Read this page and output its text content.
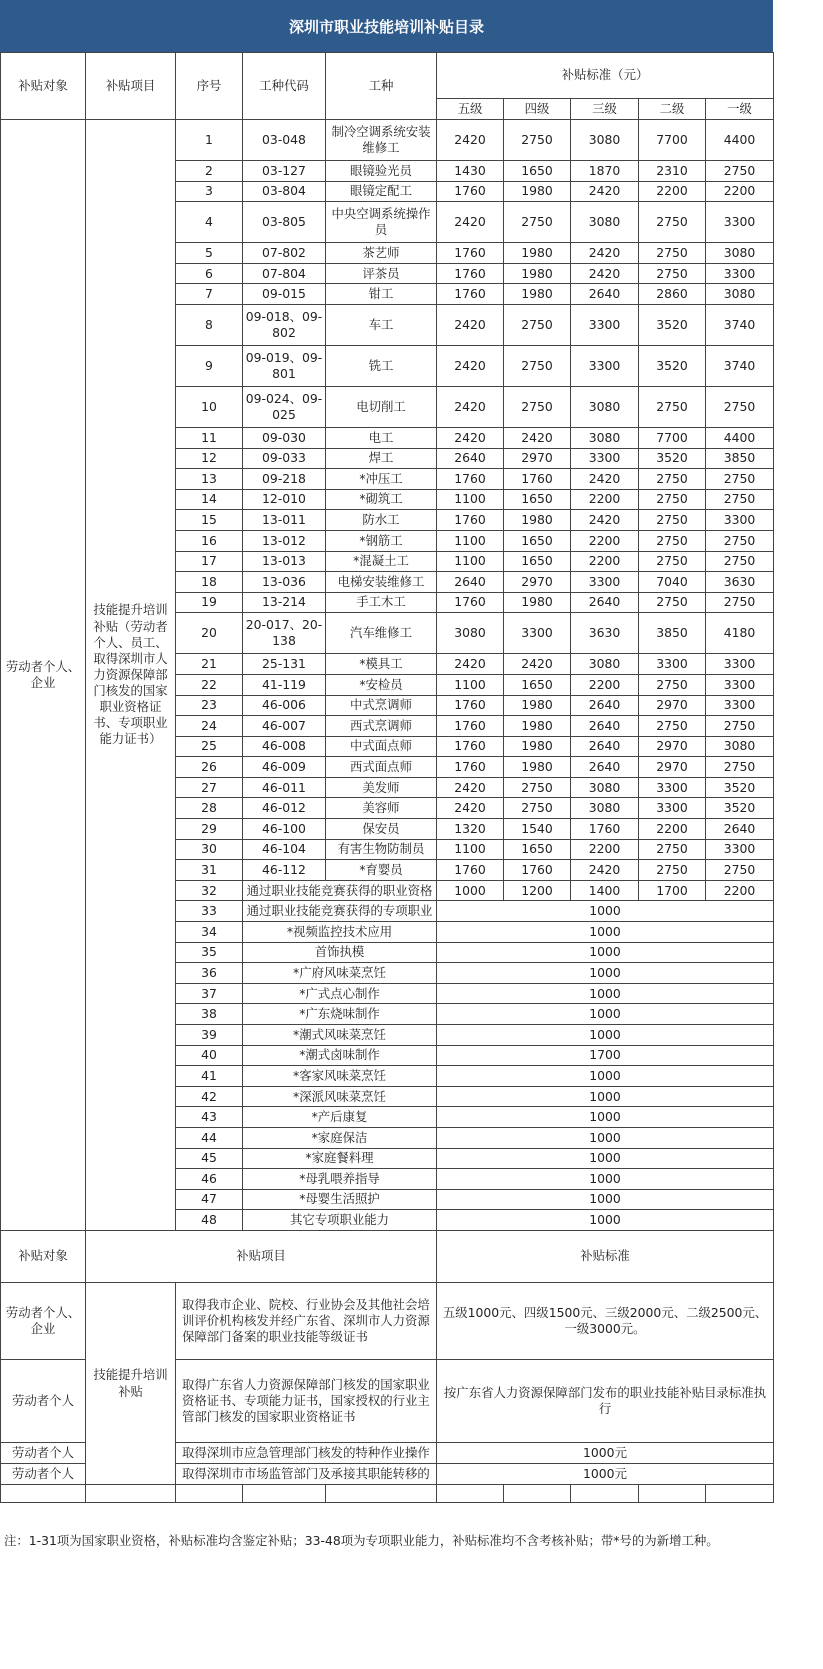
深圳市职业技能培训补贴目录
补贴对象	补贴项目	序号	工种代码	工种	补贴标准（元）				
					五级	四级	三级	二级	一级
劳动者个人、企业	技能提升培训补贴（劳动者个人、员工、取得深圳市人力资源保障部门核发的国家职业资格证书、专项职业能力证书）	1	03-048	制冷空调系统安装维修工	2420	2750	3080	7700	4400
		2	03-127	眼镜验光员	1430	1650	1870	2310	2750
		3	03-804	眼镜定配工	1760	1980	2420	2200	2200
		4	03-805	中央空调系统操作员	2420	2750	3080	2750	3300
		5	07-802	茶艺师	1760	1980	2420	2750	3080
		6	07-804	评茶员	1760	1980	2420	2750	3300
		7	09-015	钳工	1760	1980	2640	2860	3080
		8	09-018、09-802	车工	2420	2750	3300	3520	3740
		9	09-019、09-801	铣工	2420	2750	3300	3520	3740
		10	09-024、09-025	电切削工	2420	2750	3080	2750	2750
		11	09-030	电工	2420	2420	3080	7700	4400
		12	09-033	焊工	2640	2970	3300	3520	3850
		13	09-218	*冲压工	1760	1760	2420	2750	2750
		14	12-010	*砌筑工	1100	1650	2200	2750	2750
		15	13-011	防水工	1760	1980	2420	2750	3300
		16	13-012	*钢筋工	1100	1650	2200	2750	2750
		17	13-013	*混凝土工	1100	1650	2200	2750	2750
		18	13-036	电梯安装维修工	2640	2970	3300	7040	3630
		19	13-214	手工木工	1760	1980	2640	2750	2750
		20	20-017、20-138	汽车维修工	3080	3300	3630	3850	4180
		21	25-131	*模具工	2420	2420	3080	3300	3300
		22	41-119	*安检员	1100	1650	2200	2750	3300
		23	46-006	中式烹调师	1760	1980	2640	2970	3300
		24	46-007	西式烹调师	1760	1980	2640	2750	2750
		25	46-008	中式面点师	1760	1980	2640	2970	3080
		26	46-009	西式面点师	1760	1980	2640	2970	2750
		27	46-011	美发师	2420	2750	3080	3300	3520
		28	46-012	美容师	2420	2750	3080	3300	3520
		29	46-100	保安员	1320	1540	1760	2200	2640
		30	46-104	有害生物防制员	1100	1650	2200	2750	3300
		31	46-112	*育婴员	1760	1760	2420	2750	2750
		32	通过职业技能竞赛获得的职业资格		1000	1200	1400	1700	2200
		33	通过职业技能竞赛获得的专项职业		1000				
		34	*视频监控技术应用		1000				
		35	首饰执模		1000				
		36	*广府风味菜烹饪		1000				
		37	*广式点心制作		1000				
		38	*广东烧味制作		1000				
		39	*潮式风味菜烹饪		1000				
		40	*潮式卤味制作		1700				
		41	*客家风味菜烹饪		1000				
		42	*深派风味菜烹饪		1000				
		43	*产后康复		1000				
		44	*家庭保洁		1000				
		45	*家庭餐料理		1000				
		46	*母乳喂养指导		1000				
		47	*母婴生活照护		1000				
		48	其它专项职业能力		1000				
补贴对象	补贴项目				补贴标准				
劳动者个人、企业	技能提升培训补贴	取得我市企业、院校、行业协会及其他社会培训评价机构核发并经广东省、深圳市人力资源保障部门备案的职业技能等级证书			五级1000元、四级1500元、三级2000元、二级2500元、一级3000元。				
劳动者个人		取得广东省人力资源保障部门核发的国家职业资格证书、专项能力证书，国家授权的行业主管部门核发的国家职业资格证书			按广东省人力资源保障部门发布的职业技能补贴目录标准执行				
劳动者个人		取得深圳市应急管理部门核发的特种作业操作			1000元				
劳动者个人		取得深圳市市场监管部门及承接其职能转移的			1000元				

注：1-31项为国家职业资格，补贴标准均含鉴定补贴；33-48项为专项职业能力，补贴标准均不含考核补贴；带*号的为新增工种。
